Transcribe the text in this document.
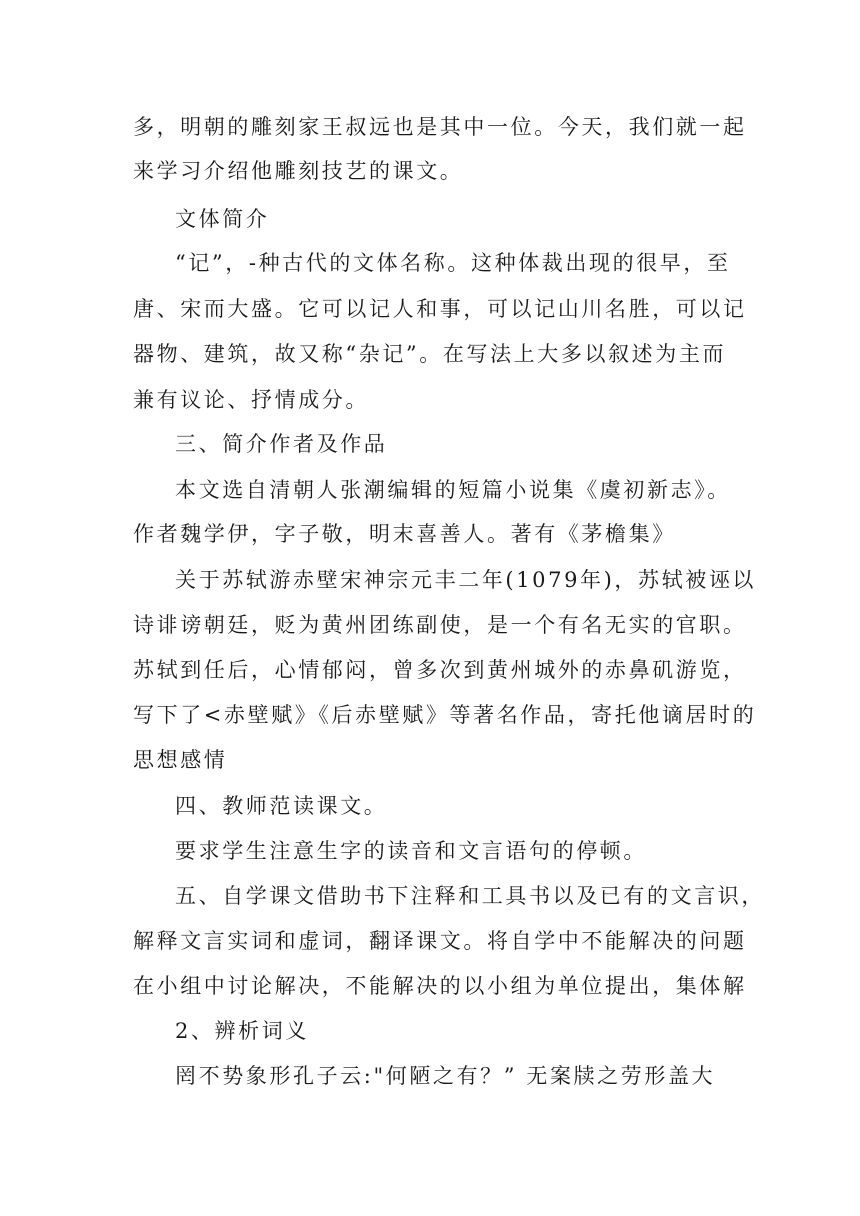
多，明朝的雕刻家王叔远也是其中一位。今天，我们就一起
来学习介绍他雕刻技艺的课文。
文体简介
“记”，-种古代的文体名称。这种体裁出现的很早，至
唐、宋而大盛。它可以记人和事，可以记山川名胜，可以记
器物、建筑，故又称“杂记”。在写法上大多以叙述为主而
兼有议论、抒情成分。
三、简介作者及作品
本文选自清朝人张潮编辑的短篇小说集《虞初新志》。
作者魏学伊，字子敬，明末喜善人。著有《茅檐集》
关于苏轼游赤壁宋神宗元丰二年(1079年)，苏轼被诬以
诗诽谤朝廷，贬为黄州团练副使，是一个有名无实的官职。
苏轼到任后，心情郁闷，曾多次到黄州城外的赤鼻矶游览，
写下了<赤壁赋》《后赤壁赋》等著名作品，寄托他谪居时的
思想感情
四、教师范读课文。
要求学生注意生字的读音和文言语句的停顿。
五、自学课文借助书下注释和工具书以及已有的文言识，
解释文言实词和虚词，翻译课文。将自学中不能解决的问题
在小组中讨论解决，不能解决的以小组为单位提出，集体解
2、辨析词义
罔不势象形孔子云:"何陋之有？” 无案牍之劳形盖大
